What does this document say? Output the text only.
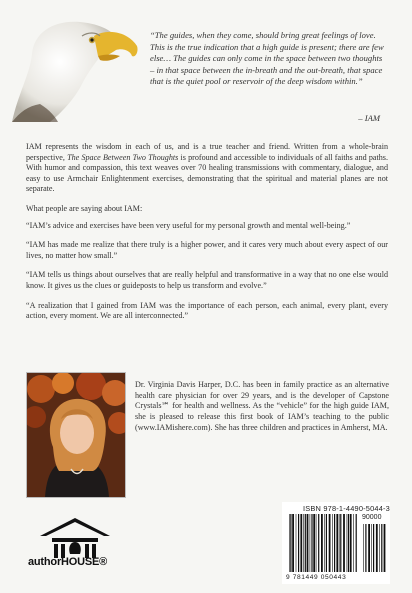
“The guides, when they come, should bring great feelings of love. This is the true indication that a high guide is present; there are few else… The guides can only come in the space between two thoughts – in that space between the in-breath and the out-breath, that space that is the quiet pool or reservoir of the deep wisdom within.”
– IAM

IAM represents the wisdom in each of us, and is a true teacher and friend. Written from a whole-brain perspective, The Space Between Two Thoughts is profound and accessible to individuals of all faiths and paths. With humor and compassion, this text weaves over 70 healing transmissions with commentary, dialogue, and easy to use Armchair Enlightenment exercises, demonstrating that the spiritual and material planes are not separate.

What people are saying about IAM:

“IAM’s advice and exercises have been very useful for my personal growth and mental well-being.”

“IAM has made me realize that there truly is a higher power, and it cares very much about every aspect of our lives, no matter how small.”

“IAM tells us things about ourselves that are really helpful and transformative in a way that no one else would know. It gives us the clues or guideposts to help us transform and evolve.”

“A realization that I gained from IAM was the importance of each person, each animal, every plant, every action, every moment. We are all interconnected.”

Dr. Virginia Davis Harper, D.C. has been in family practice as an alternative health care physician for over 29 years, and is the developer of Capstone Crystals℠ for health and wellness. As the “vehicle” for the high guide IAM, she is pleased to release this first book of IAM’s teaching to the public (www.IAMishere.com). She has three children and practices in Amherst, MA.
authorHOUSE®
ISBN 978-1-4490-5044-3
90000
9 781449 050443
